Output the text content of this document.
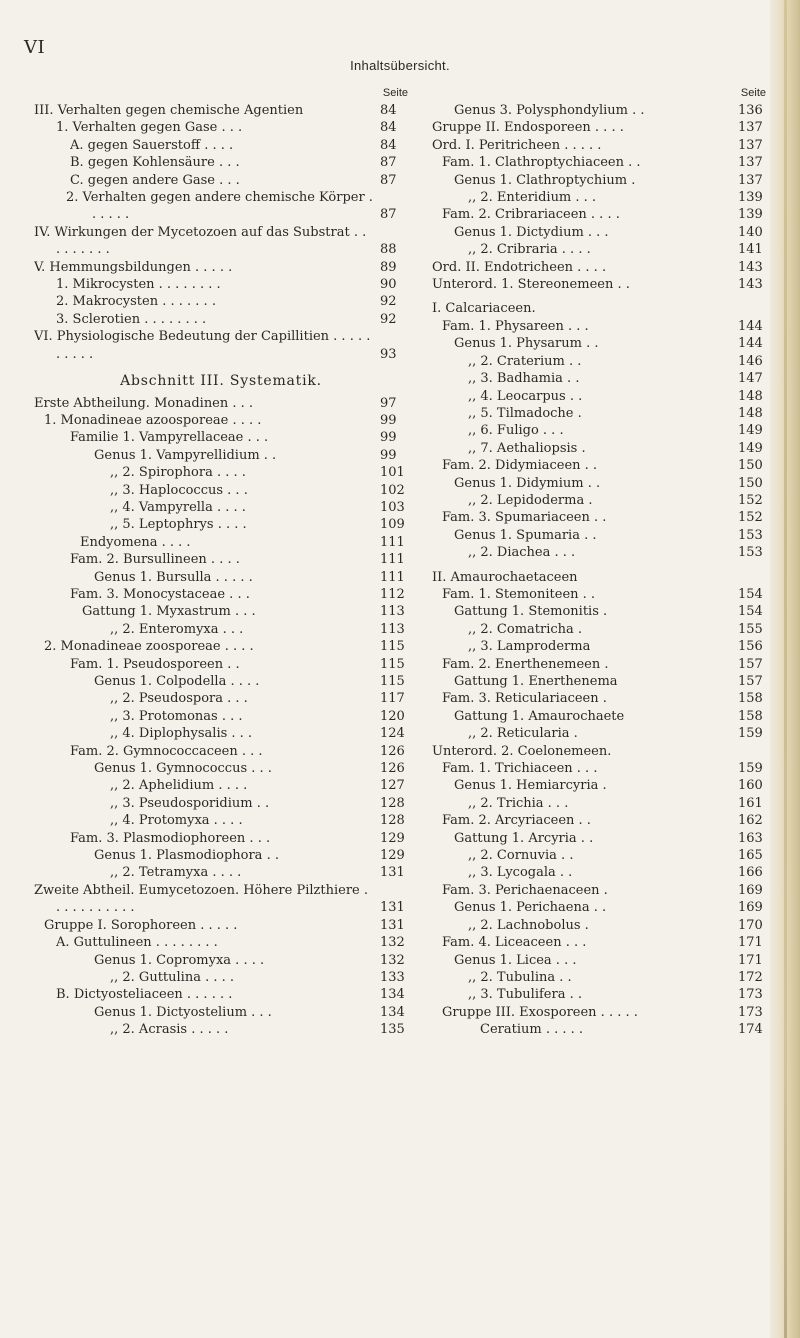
VI
Inhaltsübersicht.
Seite
III. Verhalten gegen chemische Agentien	84
1. Verhalten gegen Gase . . .	84
A. gegen Sauerstoff . . . .	84
B. gegen Kohlensäure . . .	87
C. gegen andere Gase . . .	87
2. Verhalten gegen andere chemische Körper . . . . . .	87
IV. Wirkungen der Mycetozoen auf das Substrat . . . . . . . . .	88
V. Hemmungsbildungen . . . . .	89
1. Mikrocysten . . . . . . . .	90
2. Makrocysten . . . . . . .	92
3. Sclerotien . . . . . . . .	92
VI. Physiologische Bedeutung der Capillitien . . . . . . . . . .	93
Abschnitt III. Systematik.
Erste Abtheilung. Monadinen . . .	97
1. Monadineae azoosporeae . . . .	99
Familie 1. Vampyrellaceae . . .	99
Genus 1. Vampyrellidium . .	99
,, 2. Spirophora . . . .	101
,, 3. Haplococcus . . .	102
,, 4. Vampyrella . . . .	103
,, 5. Leptophrys . . . .	109
Endyomena . . . .	111
Fam. 2. Bursullineen . . . .	111
Genus 1. Bursulla . . . . .	111
Fam. 3. Monocystaceae . . .	112
Gattung 1. Myxastrum . . .	113
,, 2. Enteromyxa . . .	113
2. Monadineae zoosporeae . . . .	115
Fam. 1. Pseudosporeen . .	115
Genus 1. Colpodella . . . .	115
,, 2. Pseudospora . . .	117
,, 3. Protomonas . . .	120
,, 4. Diplophysalis . . .	124
Fam. 2. Gymnococcaceen . . .	126
Genus 1. Gymnococcus . . .	126
,, 2. Aphelidium . . . .	127
,, 3. Pseudosporidium . .	128
,, 4. Protomyxa . . . .	128
Fam. 3. Plasmodiophoreen . . .	129
Genus 1. Plasmodiophora . .	129
,, 2. Tetramyxa . . . .	131
Zweite Abtheil. Eumycetozoen. Höhere Pilzthiere . . . . . . . . . . .	131
Gruppe I. Sorophoreen . . . . .	131
A. Guttulineen . . . . . . . .	132
Genus 1. Copromyxa . . . .	132
,, 2. Guttulina . . . .	133
B. Dictyosteliaceen . . . . . .	134
Genus 1. Dictyostelium . . .	134
,, 2. Acrasis . . . . .	135
Seite
Genus 3. Polysphondylium . .	136
Gruppe II. Endosporeen . . . .	137
Ord. I. Peritricheen . . . . .	137
Fam. 1. Clathroptychiaceen . .	137
Genus 1. Clathroptychium .	137
,, 2. Enteridium . . .	139
Fam. 2. Cribrariaceen . . . .	139
Genus 1. Dictydium . . .	140
,, 2. Cribraria . . . .	141
Ord. II. Endotricheen . . . .	143
Unterord. 1. Stereonemeen . .	143
I. Calcariaceen.
Fam. 1. Physareen . . .	144
Genus 1. Physarum . .	144
,, 2. Craterium . .	146
,, 3. Badhamia . .	147
,, 4. Leocarpus . .	148
,, 5. Tilmadoche .	148
,, 6. Fuligo . . .	149
,, 7. Aethaliopsis .	149
Fam. 2. Didymiaceen . .	150
Genus 1. Didymium . .	150
,, 2. Lepidoderma .	152
Fam. 3. Spumariaceen . .	152
Genus 1. Spumaria . .	153
,, 2. Diachea . . .	153
II. Amaurochaetaceen
Fam. 1. Stemoniteen . .	154
Gattung 1. Stemonitis .	154
,, 2. Comatricha .	155
,, 3. Lamproderma	156
Fam. 2. Enerthenemeen .	157
Gattung 1. Enerthenema	157
Fam. 3. Reticulariaceen .	158
Gattung 1. Amaurochaete	158
,, 2. Reticularia .	159
Unterord. 2. Coelonemeen.
Fam. 1. Trichiaceen . . .	159
Genus 1. Hemiarcyria .	160
,, 2. Trichia . . .	161
Fam. 2. Arcyriaceen . .	162
Gattung 1. Arcyria . .	163
,, 2. Cornuvia . .	165
,, 3. Lycogala . .	166
Fam. 3. Perichaenaceen .	169
Genus 1. Perichaena . .	169
,, 2. Lachnobolus .	170
Fam. 4. Liceaceen . . .	171
Genus 1. Licea . . .	171
,, 2. Tubulina . .	172
,, 3. Tubulifera . .	173
Gruppe III. Exosporeen . . . . .	173
Ceratium . . . . .	174
